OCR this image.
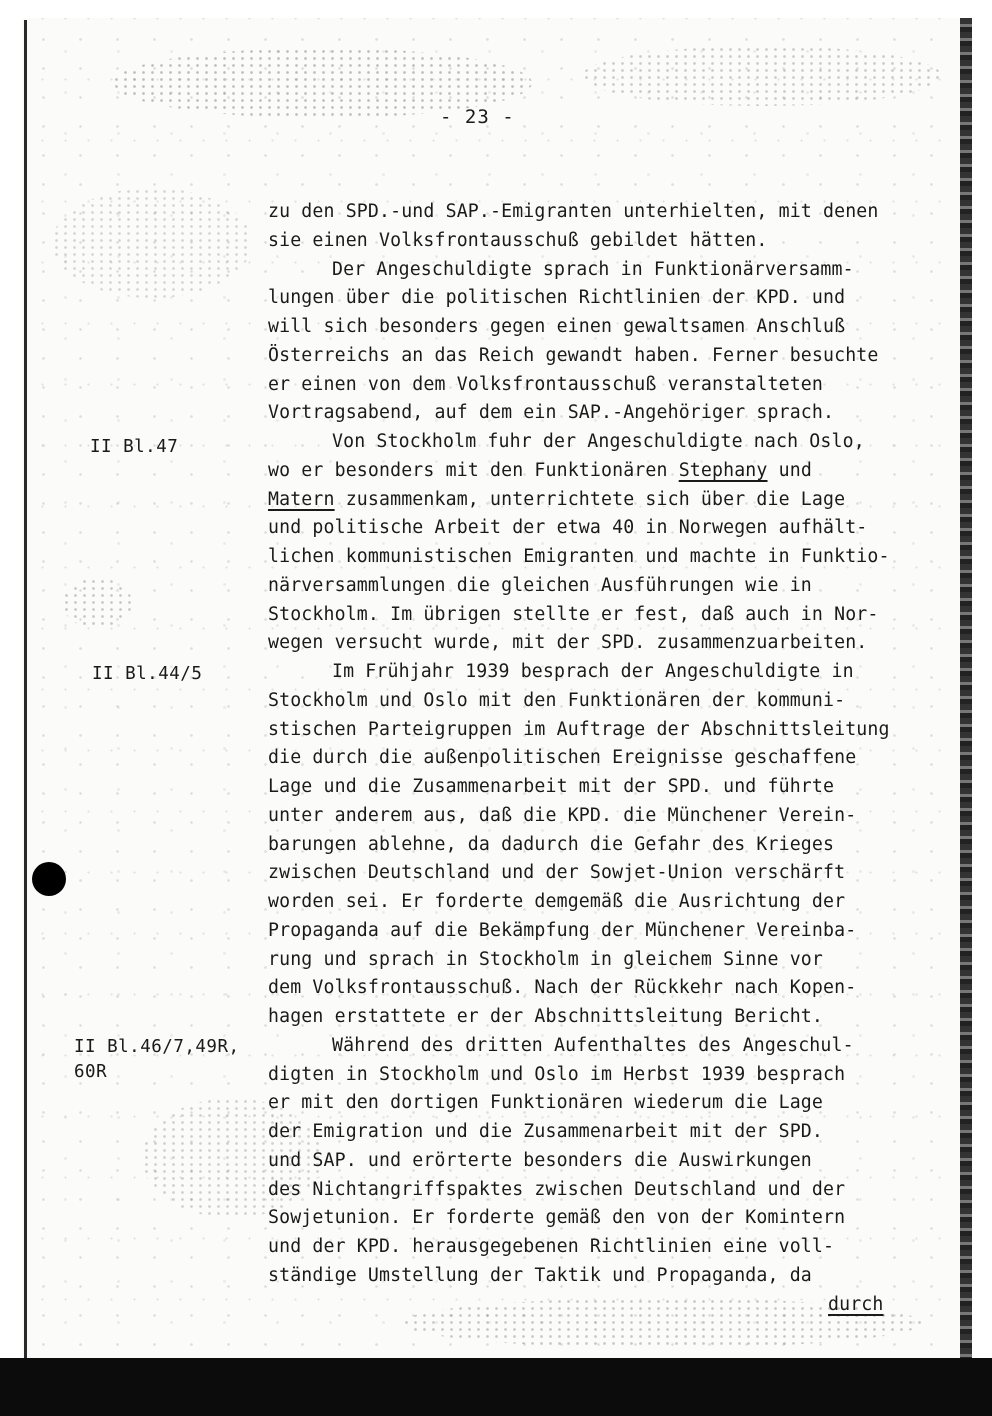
- 23 -
II Bl.47
II Bl.44/5
II Bl.46/7,49R,
60R
zu den SPD.-und SAP.-Emigranten unterhielten, mit denen
sie einen Volksfrontausschuß gebildet hätten.
Der Angeschuldigte sprach in Funktionärversamm-
lungen über die politischen Richtlinien der KPD. und
will sich besonders gegen einen gewaltsamen Anschluß
Österreichs an das Reich gewandt haben. Ferner besuchte
er einen von dem Volksfrontausschuß veranstalteten
Vortragsabend, auf dem ein SAP.-Angehöriger sprach.
Von Stockholm fuhr der Angeschuldigte nach Oslo,
wo er besonders mit den Funktionären Stephany und
Matern zusammenkam, unterrichtete sich über die Lage
und politische Arbeit der etwa 40 in Norwegen aufhält-
lichen kommunistischen Emigranten und machte in Funktio-
närversammlungen die gleichen Ausführungen wie in
Stockholm. Im übrigen stellte er fest, daß auch in Nor-
wegen versucht wurde, mit der SPD. zusammenzuarbeiten.
Im Frühjahr 1939 besprach der Angeschuldigte in
Stockholm und Oslo mit den Funktionären der kommuni-
stischen Parteigruppen im Auftrage der Abschnittsleitung
die durch die außenpolitischen Ereignisse geschaffene
Lage und die Zusammenarbeit mit der SPD. und führte
unter anderem aus, daß die KPD. die Münchener Verein-
barungen ablehne, da dadurch die Gefahr des Krieges
zwischen Deutschland und der Sowjet-Union verschärft
worden sei. Er forderte demgemäß die Ausrichtung der
Propaganda auf die Bekämpfung der Münchener Vereinba-
rung und sprach in Stockholm in gleichem Sinne vor
dem Volksfrontausschuß. Nach der Rückkehr nach Kopen-
hagen erstattete er der Abschnittsleitung Bericht.
Während des dritten Aufenthaltes des Angeschul-
digten in Stockholm und Oslo im Herbst 1939 besprach
er mit den dortigen Funktionären wiederum die Lage
der Emigration und die Zusammenarbeit mit der SPD.
und SAP. und erörterte besonders die Auswirkungen
des Nichtangriffspaktes zwischen Deutschland und der
Sowjetunion. Er forderte gemäß den von der Komintern
und der KPD. herausgegebenen Richtlinien eine voll-
ständige Umstellung der Taktik und Propaganda, da
durch
